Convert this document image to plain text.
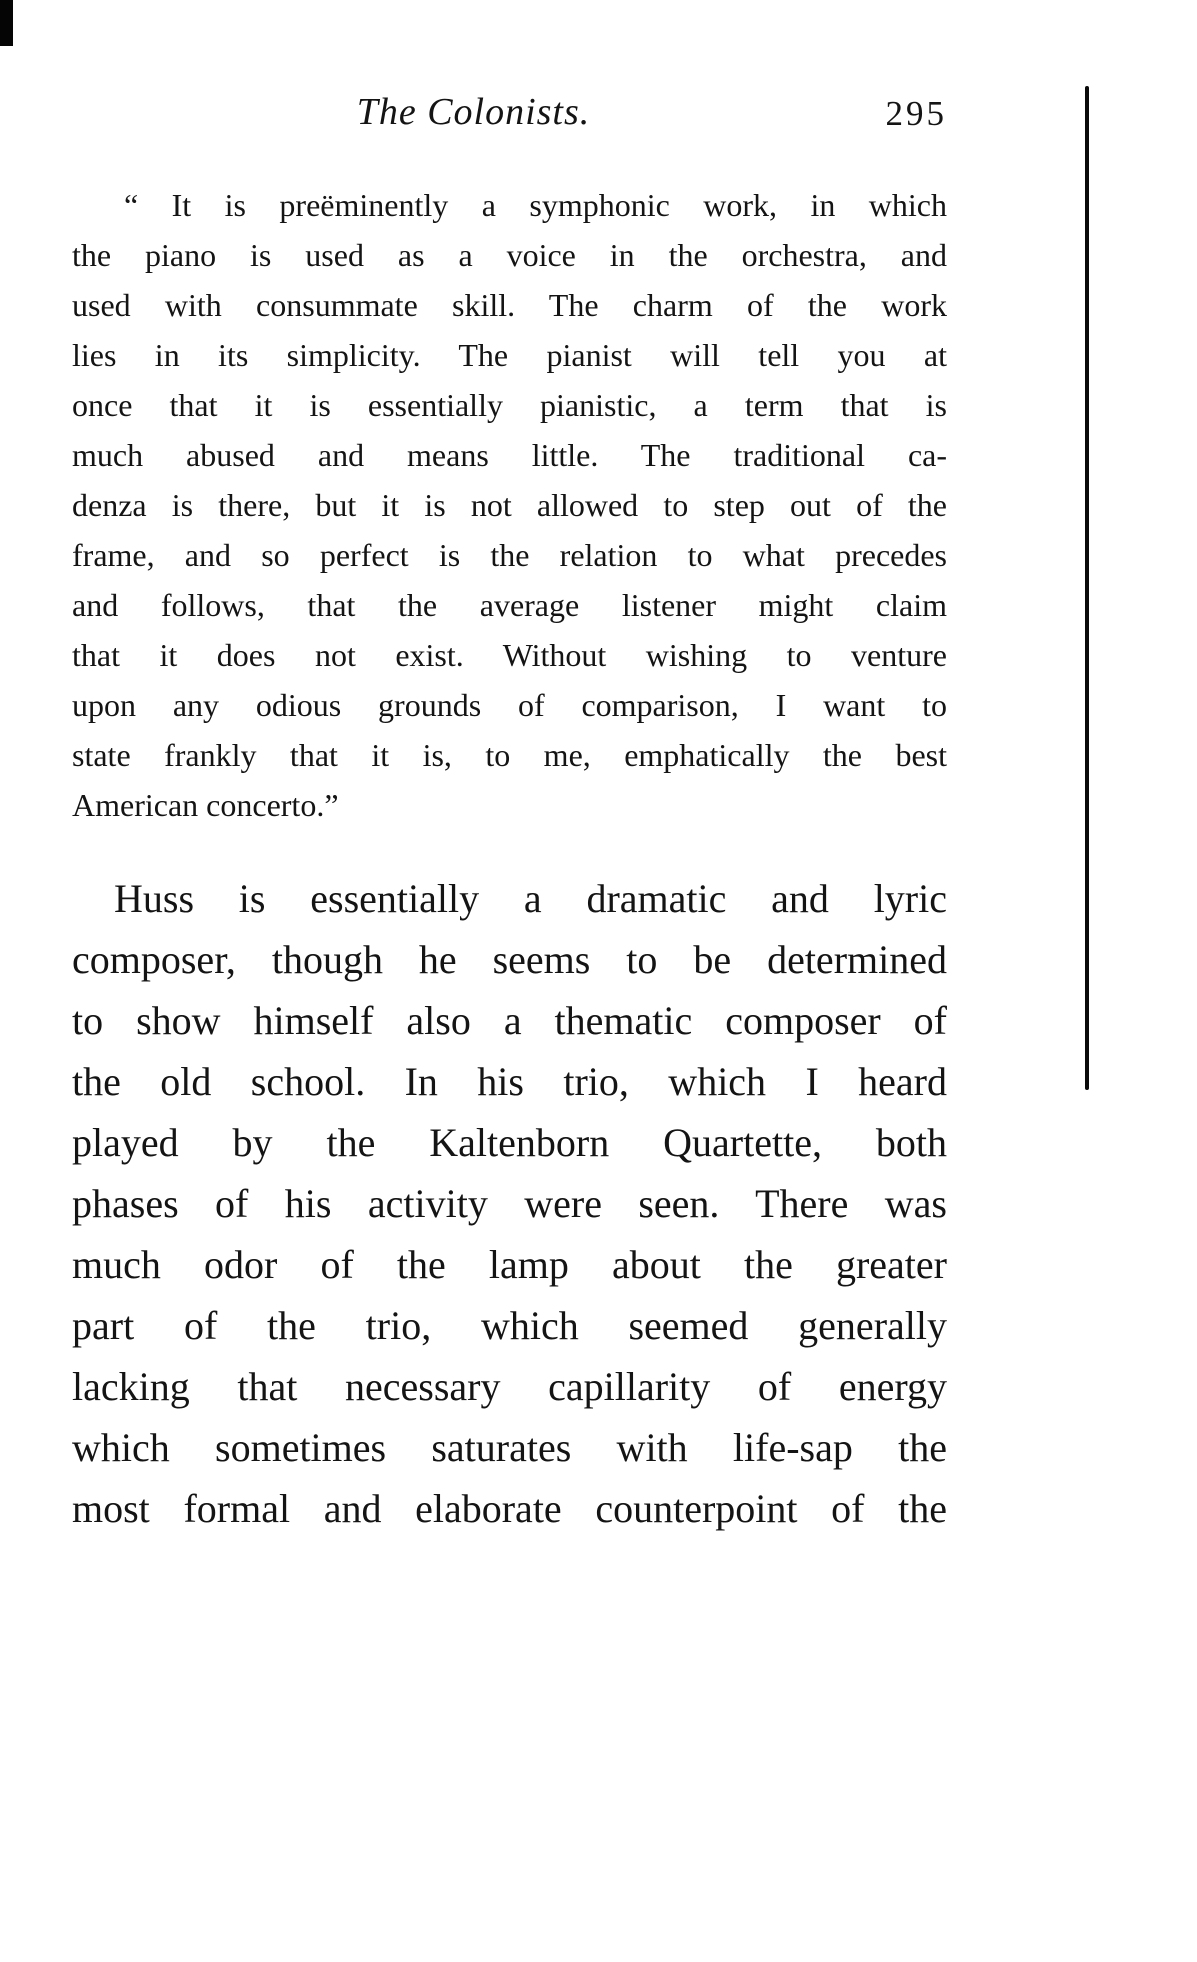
The Colonists.	295
“ It is preëminently a symphonic work, in which
the piano is used as a voice in the orchestra, and
used with consummate skill. The charm of the work
lies in its simplicity. The pianist will tell you at
once that it is essentially pianistic, a term that is
much abused and means little. The traditional ca-
denza is there, but it is not allowed to step out of the
frame, and so perfect is the relation to what precedes
and follows, that the average listener might claim
that it does not exist. Without wishing to venture
upon any odious grounds of comparison, I want to
state frankly that it is, to me, emphatically the best
American concerto.”
Huss is essentially a dramatic and lyric
composer, though he seems to be determined
to show himself also a thematic composer of
the old school. In his trio, which I heard
played by the Kaltenborn Quartette, both
phases of his activity were seen. There was
much odor of the lamp about the greater
part of the trio, which seemed generally
lacking that necessary capillarity of energy
which sometimes saturates with life-sap the
most formal and elaborate counterpoint of the
